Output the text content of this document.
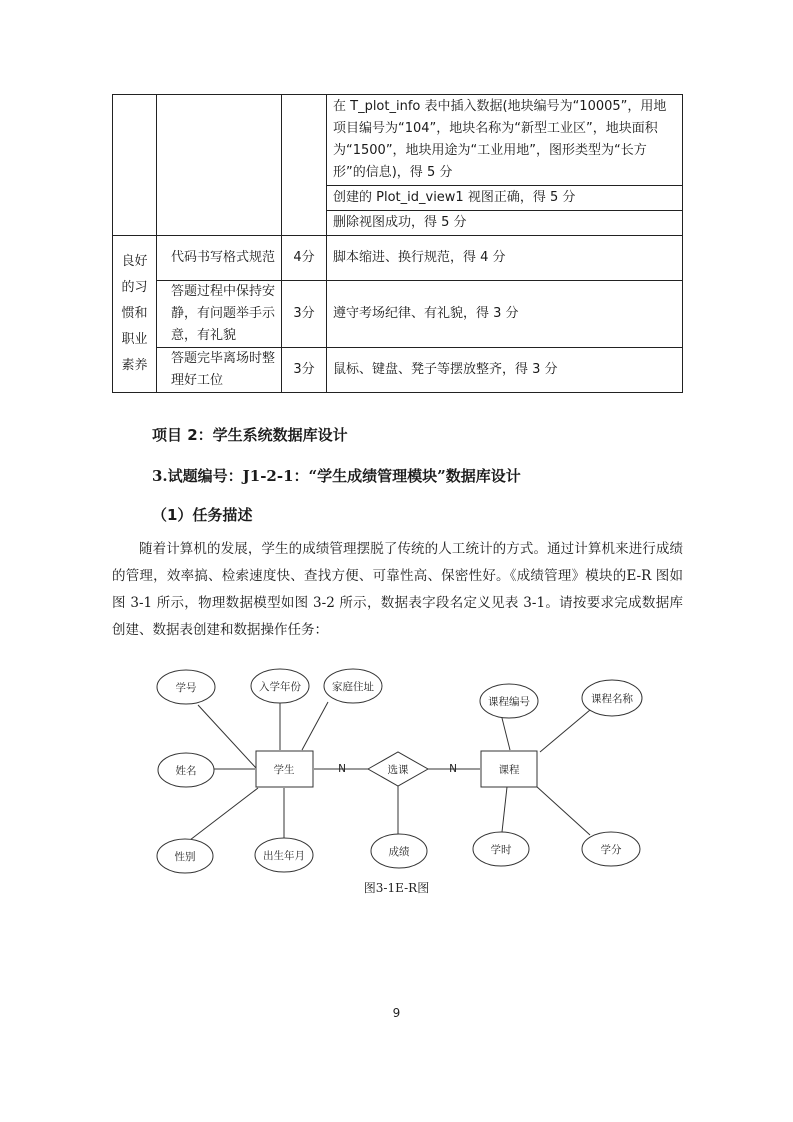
			在 T_plot_info 表中插入数据(地块编号为“10005”，用地项目编号为“104”，地块名称为“新型工业区”，地块面积为“1500”，地块用途为“工业用地”，图形类型为“长方形”的信息)，得 5 分
创建的 Plot_id_view1 视图正确，得 5 分
删除视图成功，得 5 分

良好
的习
惯和
职业
素养	代码书写格式规范	4分	脚本缩进、换行规范，得 4 分
	答题过程中保持安静，有问题举手示意，有礼貌	3分	遵守考场纪律、有礼貌，得 3 分
	答题完毕离场时整理好工位	3分	鼠标、键盘、凳子等摆放整齐，得 3 分
项目 2：学生系统数据库设计
3.试题编号：J1-2-1：“学生成绩管理模块”数据库设计
（1）任务描述

随着计算机的发展，学生的成绩管理摆脱了传统的人工统计的方式。通过计算机来进行成绩的管理，效率搞、检索速度快、查找方便、可靠性高、保密性好。《成绩管理》模块的E-R 图如图 3-1 所示，物理数据模型如图 3-2 所示，数据表字段名定义见表 3-1。请按要求完成数据库创建、数据表创建和数据操作任务：

学号	入学年份	家庭住址
姓名
性别	出生年月
学生	N	选课	N
成绩
课程
课程编号	课程名称
学时	学分
图3-1E-R图
9
